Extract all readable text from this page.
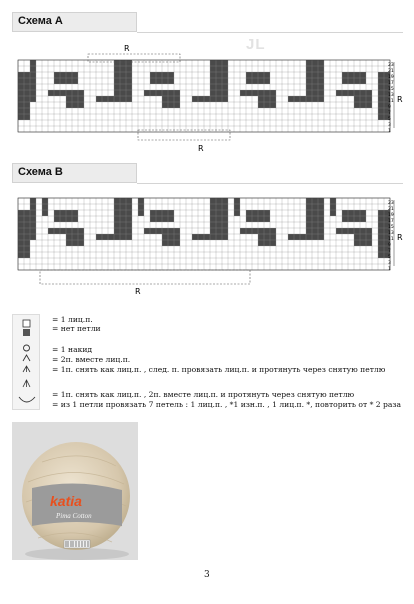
Схема А
JL
R
R
R
23
21
19
17
15
13
11
9
7
5
3
1
Схема В
R
R
23
21
19
17
15
13
11
9
7
5
3
1
= 1 лиц.п.
= нет петли
= 1 накид
= 2п. вместе лиц.п.
= 1п. снять как лиц.п. , след. п. провязать лиц.п. и протянуть через снятую петлю
= 1п. снять как лиц.п. , 2п. вместе лиц.п. и протянуть через снятую петлю
= из 1 петли провязать 7 петель : 1 лиц.п. , *1 изн.п. , 1 лиц.п. *, повторить от * 2 раза
katia
Pima Cotton
3
